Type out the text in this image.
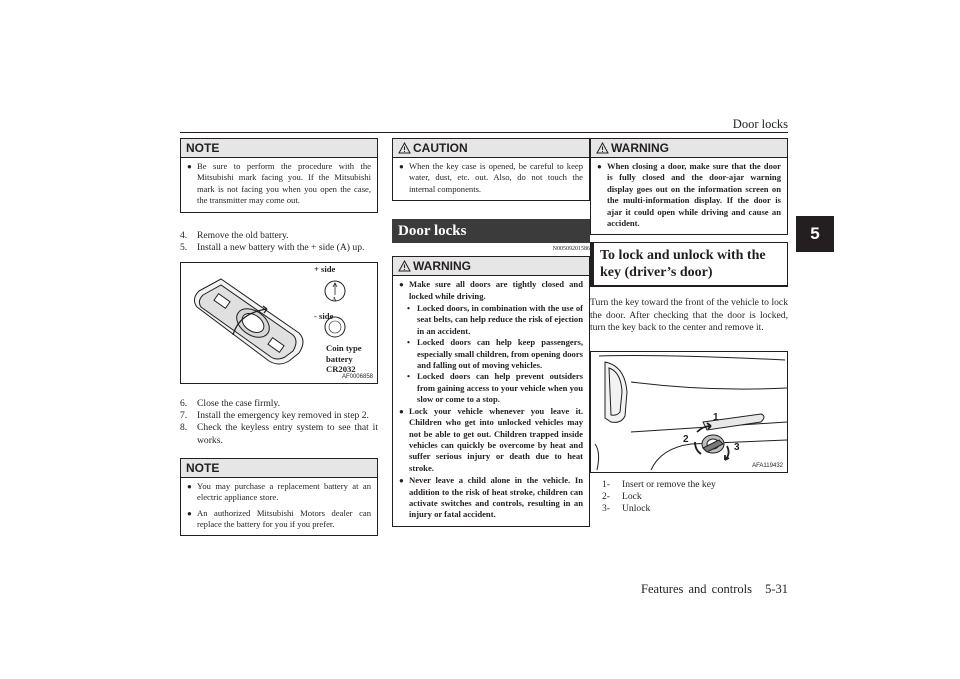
Door locks
5
NOTE
● Be sure to perform the procedure with the Mitsubishi mark facing you. If the Mitsubishi mark is not facing you when you open the case, the transmitter may come out.
4.	Remove the old battery.
5.	Install a new battery with the + side (A) up.
+ side
A
- side
Coin type
battery
CR2032
AF0006858
6.	Close the case firmly.
7.	Install the emergency key removed in step 2.
8.	Check the keyless entry system to see that it works.
NOTE
● You may purchase a replacement battery at an electric appliance store.
● An authorized Mitsubishi Motors dealer can replace the battery for you if you prefer.
CAUTION
● When the key case is opened, be careful to keep water, dust, etc. out. Also, do not touch the internal components.
Door locks
N00509201586
WARNING
● Make sure all doors are tightly closed and locked while driving.
• Locked doors, in combination with the use of seat belts, can help reduce the risk of ejection in an accident.
• Locked doors can help keep passengers, especially small children, from opening doors and falling out of moving vehicles.
• Locked doors can help prevent outsiders from gaining access to your vehicle when you slow or come to a stop.
● Lock your vehicle whenever you leave it. Children who get into unlocked vehicles may not be able to get out. Children trapped inside vehicles can quickly be overcome by heat and suffer serious injury or death due to heat stroke.
● Never leave a child alone in the vehicle. In addition to the risk of heat stroke, children can activate switches and controls, resulting in an injury or fatal accident.
WARNING
● When closing a door, make sure that the door is fully closed and the door-ajar warning display goes out on the information screen on the multi-information display. If the door is ajar it could open while driving and cause an accident.
To lock and unlock with the key (driver’s door)
Turn the key toward the front of the vehicle to lock the door. After checking that the door is locked, turn the key back to the center and remove it.
1
2
3
AFA119432
1-	Insert or remove the key
2-	Lock
3-	Unlock
Features and controls 5-31
